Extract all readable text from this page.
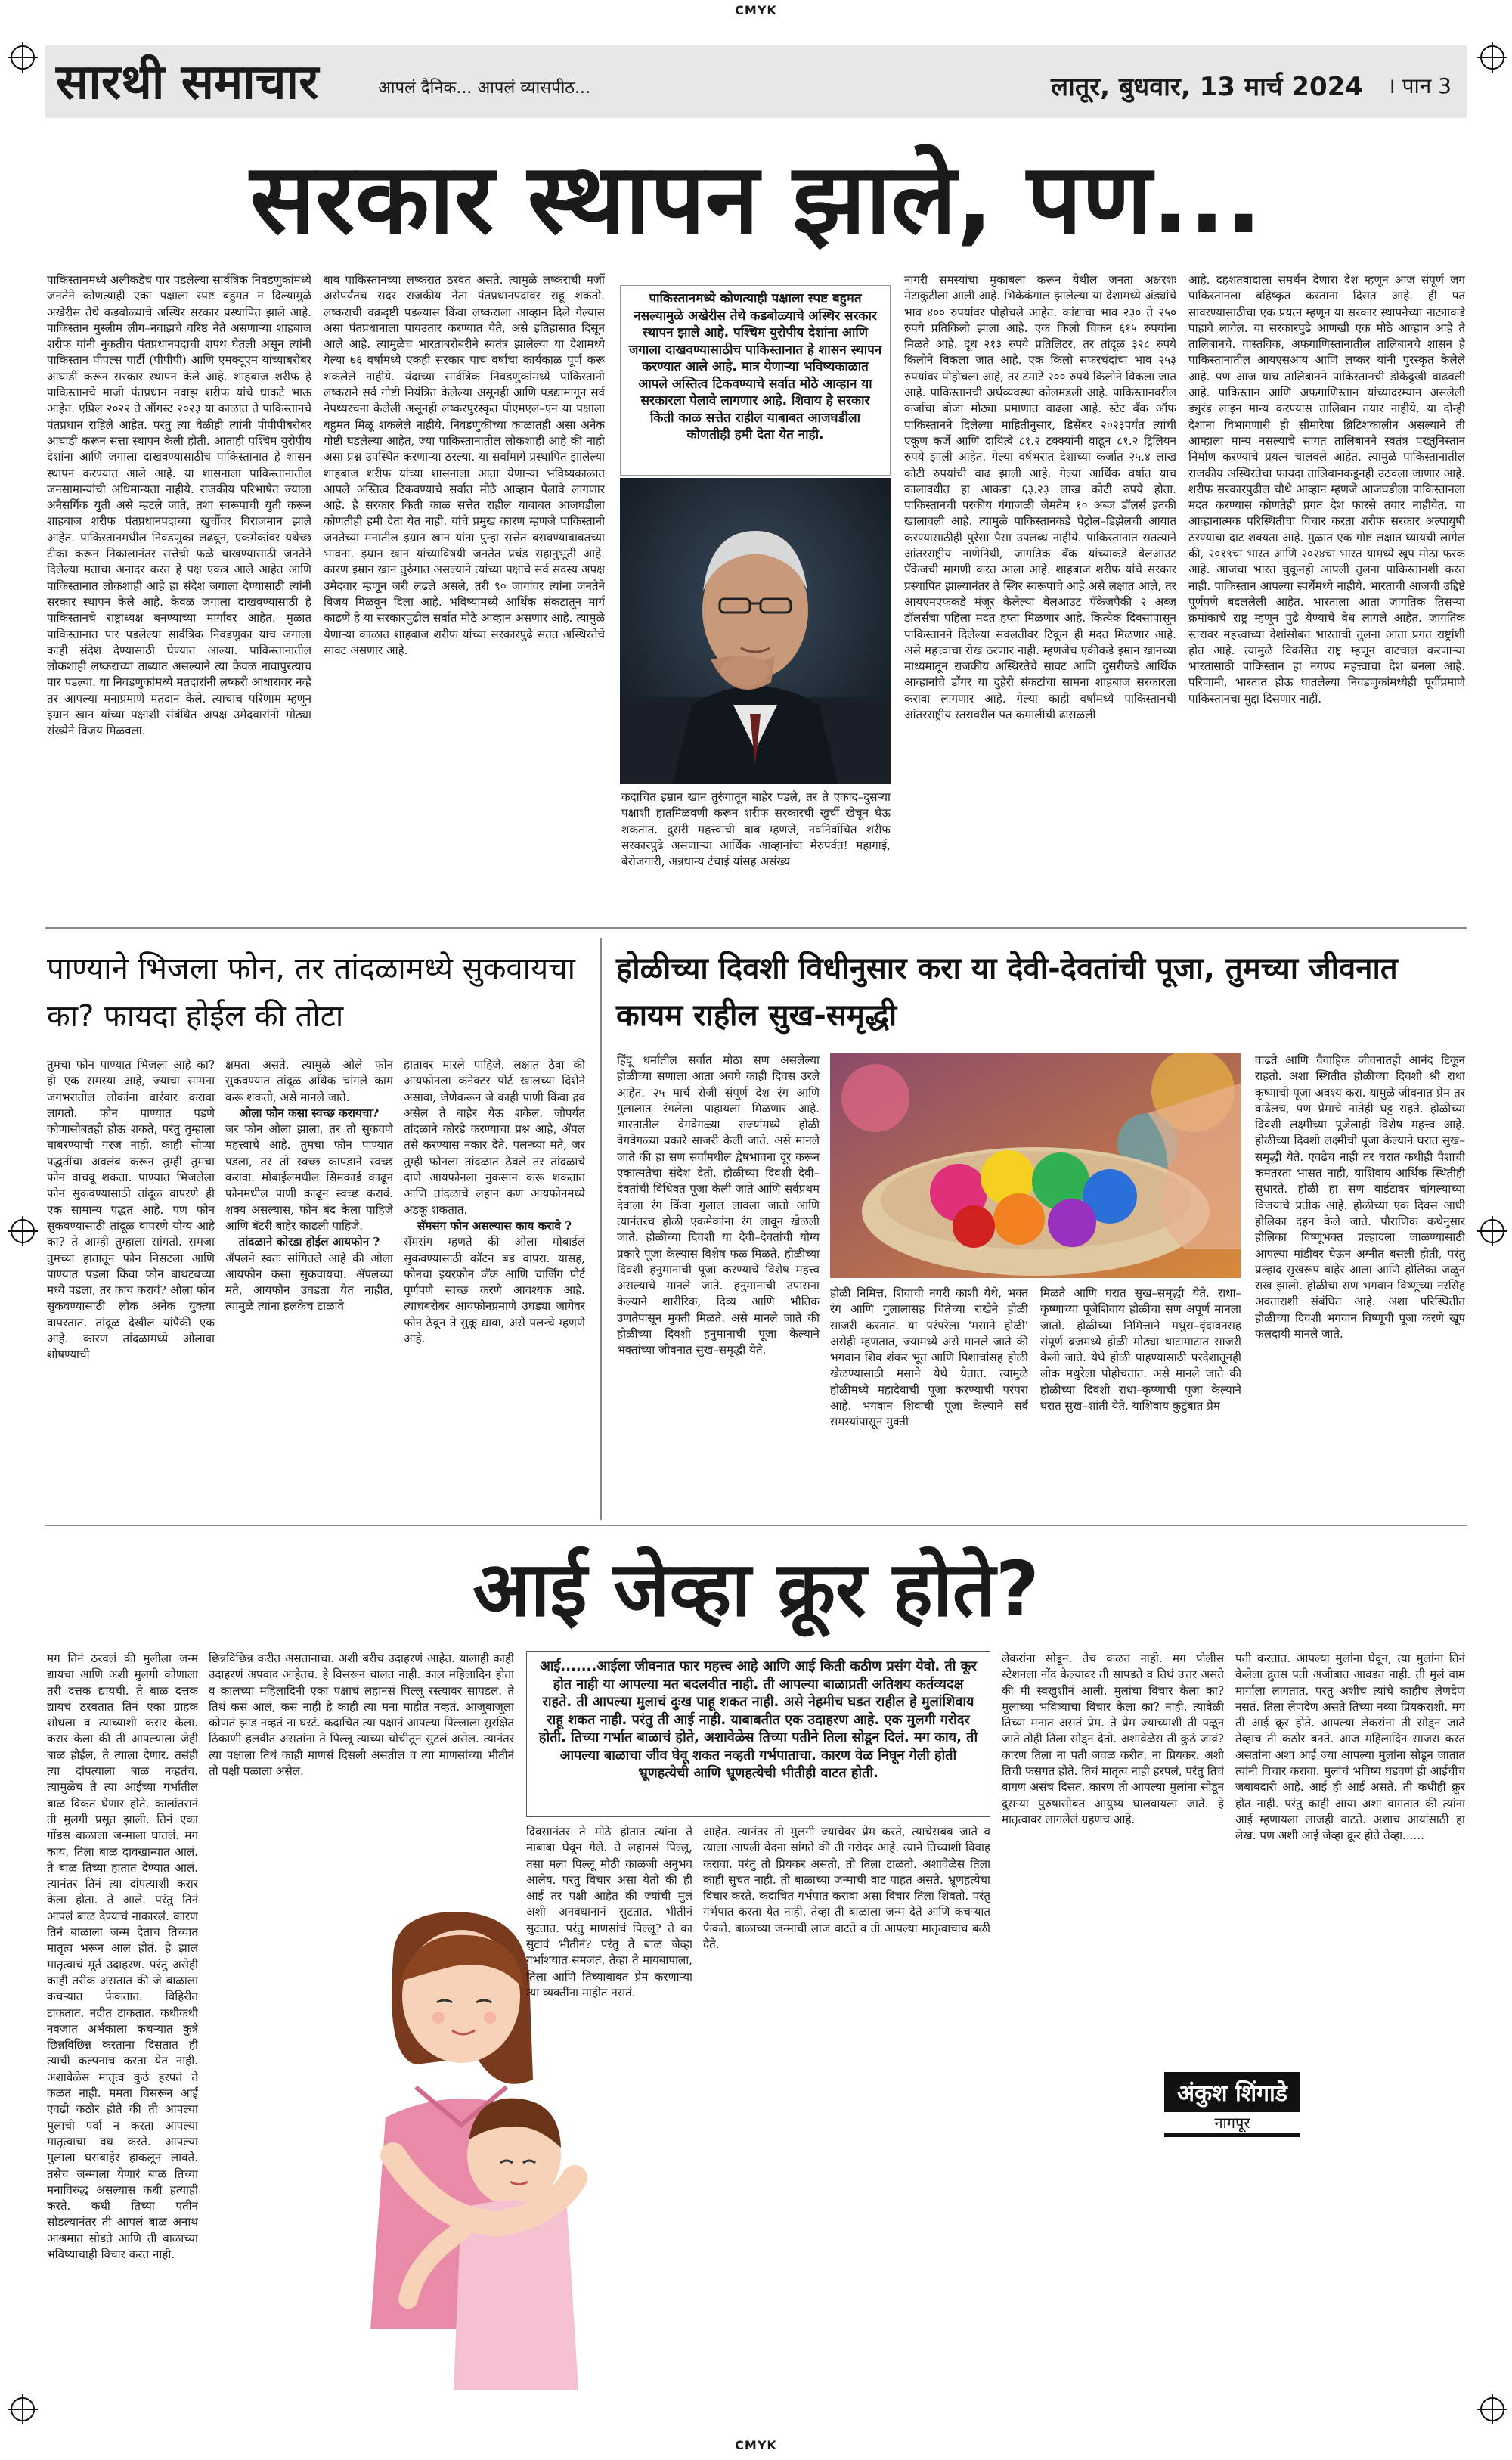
CMYK
सारथी समाचार	आपलं दैनिक... आपलं व्यासपीठ...	लातूर, बुधवार, 13 मार्च 2024 । पान 3
सरकार स्थापन झाले, पण...
पाकिस्तानमध्ये अलीकडेच पार पडलेल्या सार्वत्रिक निवडणुकांमध्ये जनतेने कोणत्याही एका पक्षाला स्पष्ट बहुमत न दिल्यामुळे अखेरीस तेथे कडबोळ्याचे अस्थिर सरकार प्रस्थापित झाले आहे. पाकिस्तान मुस्लीम लीग–नवाझचे वरिष्ठ नेते असणाऱ्या शाहबाज शरीफ यांनी नुकतीच पंतप्रधानपदाची शपथ घेतली असून त्यांनी पाकिस्तान पीपल्स पार्टी (पीपीपी) आणि एमक्यूएम यांच्याबरोबर आघाडी करून सरकार स्थापन केले आहे. शाहबाज शरीफ हे पाकिस्तानचे माजी पंतप्रधान नवाझ शरीफ यांचे धाकटे भाऊ आहेत. एप्रिल २०२२ ते ऑगस्ट २०२३ या काळात ते पाकिस्तानचे पंतप्रधान राहिले आहेत. परंतु त्या वेळीही त्यांनी पीपीपीबरोबर आघाडी करून सत्ता स्थापन केली होती. आताही पश्चिम युरोपीय देशांना आणि जगाला दाखवण्यासाठीच पाकिस्तानात हे शासन स्थापन करण्यात आले आहे. या शासनाला पाकिस्तानातील जनसामान्यांची अधिमान्यता नाहीये. राजकीय परिभाषेत ज्याला अनैसर्गिक युती असे म्हटले जाते, तशा स्वरूपाची युती करून शाहबाज शरीफ पंतप्रधानपदाच्या खुर्चीवर विराजमान झाले आहेत. पाकिस्तानमधील निवडणुका लढवून, एकमेकांवर यथेच्छ टीका करून निकालानंतर सत्तेची फळे चाखण्यासाठी जनतेने दिलेल्या मताचा अनादर करत हे पक्ष एकत्र आले आहेत आणि पाकिस्तानात लोकशाही आहे हा संदेश जगाला देण्यासाठी त्यांनी सरकार स्थापन केले आहे. केवळ जगाला दाखवण्यासाठी हे पाकिस्तानचे राष्ट्राध्यक्ष बनण्याच्या मार्गावर आहेत. मुळात पाकिस्तानात पार पडलेल्या सार्वत्रिक निवडणुका याच जगाला काही संदेश देण्यासाठी घेण्यात आल्या. पाकिस्तानातील लोकशाही लष्कराच्या ताब्यात असल्याने त्या केवळ नावापुरत्याच पार पडल्या. या निवडणुकांमध्ये मतदारांनी लष्करी आधारावर नव्हे तर आपल्या मनाप्रमाणे मतदान केले. त्याचाच परिणाम म्हणून इम्रान खान यांच्या पक्षाशी संबंधित अपक्ष उमेदवारांनी मोठ्या संख्येने विजय मिळवला.
बाब पाकिस्तानच्या लष्करात ठरवत असते. त्यामुळे लष्कराची मर्जी असेपर्यंतच सदर राजकीय नेता पंतप्रधानपदावर राहू शकतो. लष्कराची वक्रदृष्टी पडल्यास किंवा लष्कराला आव्हान दिले गेल्यास असा पंतप्रधानाला पायउतार करण्यात येते, असे इतिहासात दिसून आले आहे. त्यामुळेच भारताबरोबरीने स्वतंत्र झालेल्या या देशामध्ये गेल्या ७६ वर्षांमध्ये एकही सरकार पाच वर्षांचा कार्यकाळ पूर्ण करू शकलेले नाहीये. यंदाच्या सार्वत्रिक निवडणुकांमध्ये पाकिस्तानी लष्कराने सर्व गोष्टी नियंत्रित केलेल्या असूनही आणि पडद्यामागून सर्व नेपथ्यरचना केलेली असूनही लष्करपुरस्कृत पीएमएल–एन या पक्षाला बहुमत मिळू शकलेले नाहीये. निवडणुकीच्या काळातही असा अनेक गोष्टी घडलेल्या आहेत, ज्या पाकिस्तानातील लोकशाही आहे की नाही असा प्रश्न उपस्थित करणाऱ्या ठरल्या. या सर्वांमागे प्रस्थापित झालेल्या शाहबाज शरीफ यांच्या शासनाला आता येणाऱ्या भविष्यकाळात आपले अस्तित्व टिकवण्याचे सर्वात मोठे आव्हान पेलावे लागणार आहे. हे सरकार किती काळ सत्तेत राहील याबाबत आजघडीला कोणतीही हमी देता येत नाही. यांचे प्रमुख कारण म्हणजे पाकिस्तानी जनतेच्या मनातील इम्रान खान यांना पुन्हा सत्तेत बसवण्याबाबतच्या भावना. इम्रान खान यांच्याविषयी जनतेत प्रचंड सहानुभूती आहे. कारण इम्रान खान तुरुंगात असल्याने त्यांच्या पक्षाचे सर्व सदस्य अपक्ष उमेदवार म्हणून जरी लढले असले, तरी ९० जागांवर त्यांना जनतेने विजय मिळवून दिला आहे. भविष्यामध्ये आर्थिक संकटातून मार्ग काढणे हे या सरकारपुढील सर्वात मोठे आव्हान असणार आहे. त्यामुळे येणाऱ्या काळात शाहबाज शरीफ यांच्या सरकारपुढे सतत अस्थिरतेचे सावट असणार आहे.
पाकिस्तानमध्ये कोणत्याही पक्षाला स्पष्ट बहुमत नसल्यामुळे अखेरीस तेथे कडबोळ्याचे अस्थिर सरकार स्थापन झाले आहे. पश्चिम युरोपीय देशांना आणि जगाला दाखवण्यासाठीच पाकिस्तानात हे शासन स्थापन करण्यात आले आहे. मात्र येणाऱ्या भविष्यकाळात आपले अस्तित्व टिकवण्याचे सर्वात मोठे आव्हान या सरकारला पेलावे लागणार आहे. शिवाय हे सरकार किती काळ सत्तेत राहील याबाबत आजघडीला कोणतीही हमी देता येत नाही.
कदाचित इम्रान खान तुरुंगातून बाहेर पडले, तर ते एकाद–दुसऱ्या पक्षाशी हातमिळवणी करून शरीफ सरकारची खुर्ची खेचून घेऊ शकतात. दुसरी महत्त्वाची बाब म्हणजे, नवनिर्वाचित शरीफ सरकारपुढे असणाऱ्या आर्थिक आव्हानांचा मेरुपर्वत! महागाई, बेरोजगारी, अन्नधान्य टंचाई यांसह असंख्य
नागरी समस्यांचा मुकाबला करून येथील जनता अक्षरशः मेटाकुटीला आली आहे. भिकेकंगाल झालेल्या या देशामध्ये अंड्यांचे भाव ४०० रुपयांवर पोहोचले आहेत. कांद्याचा भाव २३० ते २५० रुपये प्रतिकिलो झाला आहे. एक किलो चिकन ६१५ रुपयांना मिळते आहे. दूध २१३ रुपये प्रतिलिटर, तर तांदूळ ३२८ रुपये किलोने विकला जात आहे. एक किलो सफरचंदांचा भाव २५३ रुपयांवर पोहोचला आहे, तर टमाटे २०० रुपये किलोने विकला जात आहे. पाकिस्तानची अर्थव्यवस्था कोलमडली आहे. पाकिस्तानवरील कर्जाचा बोजा मोठ्या प्रमाणात वाढला आहे. स्टेट बँक ऑफ पाकिस्तानने दिलेल्या माहितीनुसार, डिसेंबर २०२३पर्यंत त्यांची एकूण कर्जे आणि दायित्वे ८१.२ टक्क्यांनी वाढून ८१.२ ट्रिलियन रुपये झाली आहेत. गेल्या वर्षभरात देशाच्या कर्जात २५.४ लाख कोटी रुपयांची वाढ झाली आहे. गेल्या आर्थिक वर्षात याच कालावधीत हा आकडा ६३.२३ लाख कोटी रुपये होता. पाकिस्तानची परकीय गंगाजळी जेमतेम १० अब्ज डॉलर्स इतकी खालावली आहे. त्यामुळे पाकिस्तानकडे पेट्रोल–डिझेलची आयात करण्यासाठीही पुरेसा पैसा उपलब्ध नाहीये. पाकिस्तानात सतत्याने आंतरराष्ट्रीय नाणेनिधी, जागतिक बँक यांच्याकडे बेलआउट पॅकेजची मागणी करत आला आहे. शाहबाज शरीफ यांचे सरकार प्रस्थापित झाल्यानंतर ते स्थिर स्वरूपाचे आहे असे लक्षात आले, तर आयएमएफकडे मंजूर केलेल्या बेलआउट पॅकेजपैकी २ अब्ज डॉलर्सचा पहिला मदत हप्ता मिळणार आहे. कित्येक दिवसांपासून पाकिस्तानने दिलेल्या सवलतीवर टिकून ही मदत मिळणार आहे. असे महत्त्वाचा रोख ठरणार नाही. म्हणजेच एकीकडे इम्रान खानच्या माध्यमातून राजकीय अस्थिरतेचे सावट आणि दुसरीकडे आर्थिक आव्हानांचे डोंगर या दुहेरी संकटांचा सामना शाहबाज सरकारला करावा लागणार आहे. गेल्या काही वर्षांमध्ये पाकिस्तानची आंतरराष्ट्रीय स्तरावरील पत कमालीची ढासळली
आहे. दहशतवादाला समर्थन देणारा देश म्हणून आज संपूर्ण जग पाकिस्तानला बहिष्कृत करताना दिसत आहे. ही पत सावरण्यासाठीचा एक प्रयत्न म्हणून या सरकार स्थापनेच्या नाट्याकडे पाहावे लागेल. या सरकारपुढे आणखी एक मोठे आव्हान आहे ते तालिबानचे. वास्तविक, अफगाणिस्तानातील तालिबानचे शासन हे पाकिस्तानातील आयएसआय आणि लष्कर यांनी पुरस्कृत केलेले आहे. पण आज याच तालिबानने पाकिस्तानची डोकेदुखी वाढवली आहे. पाकिस्तान आणि अफगाणिस्तान यांच्यादरम्यान असलेली ड्युरंड लाइन मान्य करण्यास तालिबान तयार नाहीये. या दोन्ही देशांना विभागणारी ही सीमारेषा ब्रिटिशकालीन असल्याने ती आम्हाला मान्य नसल्याचे सांगत तालिबानने स्वतंत्र पख्तुनिस्तान निर्माण करण्याचे प्रयत्न चालवले आहेत. त्यामुळे पाकिस्तानातील राजकीय अस्थिरतेचा फायदा तालिबानकडूनही उठवला जाणार आहे. शरीफ सरकारपुढील चौथे आव्हान म्हणजे आजघडीला पाकिस्तानला मदत करण्यास कोणतेही प्रगत देश फारसे तयार नाहीयेत. या आव्हानात्मक परिस्थितीचा विचार करता शरीफ सरकार अल्पायुषी ठरण्याचा दाट शक्यता आहे. मुळात एक गोष्ट लक्षात घ्यायची लागेल की, २०१९चा भारत आणि २०२४चा भारत यामध्ये खूप मोठा फरक आहे. आजचा भारत चुकूनही आपली तुलना पाकिस्तानशी करत नाही. पाकिस्तान आपल्या स्पर्धेमध्ये नाहीये. भारताची आजची उद्दिष्टे पूर्णपणे बदललेली आहेत. भारताला आता जागतिक तिसऱ्या क्रमांकाचे राष्ट्र म्हणून पुढे येण्याचे वेध लागले आहेत. जागतिक स्तरावर महत्त्वाच्या देशांसोबत भारताची तुलना आता प्रगत राष्ट्रांशी होत आहे. त्यामुळे विकसित राष्ट्र म्हणून वाटचाल करणाऱ्या भारतासाठी पाकिस्तान हा नगण्य महत्त्वाचा देश बनला आहे. परिणामी, भारतात होऊ घातलेल्या निवडणुकांमध्येही पूर्वीप्रमाणे पाकिस्तानचा मुद्दा दिसणार नाही.
पाण्याने भिजला फोन, तर तांदळामध्ये सुकवायचा का? फायदा होईल की तोटा
तुमचा फोन पाण्यात भिजला आहे का? ही एक समस्या आहे, ज्याचा सामना जगभरातील लोकांना वारंवार करावा लागतो. फोन पाण्यात पडणे कोणासोबतही होऊ शकते, परंतु तुम्हाला घाबरण्याची गरज नाही. काही सोप्या पद्धतींचा अवलंब करून तुम्ही तुमचा फोन वाचवू शकता. पाण्यात भिजलेला फोन सुकवण्यासाठी तांदूळ वापरणे ही एक सामान्य पद्धत आहे. पण फोन सुकवण्यासाठी तांदूळ वापरणे योग्य आहे का? ते आम्ही तुम्हाला सांगतो. समजा तुमच्या हातातून फोन निसटला आणि पाण्यात पडला किंवा फोन बाथटबच्या मध्ये पडला, तर काय करावं? ओला फोन सुकवण्यासाठी लोक अनेक युक्त्या वापरतात. तांदूळ देखील यांपैकी एक आहे. कारण तांदळामध्ये ओलावा शोषण्याची
क्षमता असते. त्यामुळे ओले फोन सुकवण्यात तांदूळ अधिक चांगले काम करू शकतो, असे मानले जाते.
ओला फोन कसा स्वच्छ करायचा?
जर फोन ओला झाला, तर तो सुकवणे महत्त्वाचे आहे. तुमचा फोन पाण्यात पडला, तर तो स्वच्छ कापडाने स्वच्छ करावा. मोबाईलमधील सिमकार्ड काढून फोनमधील पाणी काढून स्वच्छ करावं. शक्य असल्यास, फोन बंद केला पाहिजे आणि बॅटरी बाहेर काढली पाहिजे.
तांदळाने कोरडा होईल आयफोन ?
ॲपलने स्वतः सांगितले आहे की ओला आयफोन कसा सुकवायचा. ॲपलच्या मते, आयफोन उघडता येत नाहीत, त्यामुळे त्यांना हलकेच टाळावे
हातावर मारले पाहिजे. लक्षात ठेवा की आयफोनला कनेक्टर पोर्ट खालच्या दिशेने असावा, जेणेकरून जे काही पाणी किंवा द्रव असेल ते बाहेर येऊ शकेल. जोपर्यंत तांदळाने कोरडे करण्याचा प्रश्न आहे, ॲपल तसे करण्यास नकार देते. पलन्च्या मते, जर तुम्ही फोनला तांदळात ठेवले तर तांदळाचे दाणे आयफोनला नुकसान करू शकतात आणि तांदळाचे लहान कण आयफोनमध्ये अडकू शकतात.
सॅमसंग फोन असल्यास काय करावे ?
सॅमसंग म्हणते की ओला मोबाईल सुकवण्यासाठी कॉटन बड वापरा. यासह, फोनचा इयरफोन जॅक आणि चार्जिंग पोर्ट पूर्णपणे स्वच्छ करणे आवश्यक आहे. त्याचबरोबर आयफोनप्रमाणे उघड्या जागेवर फोन ठेवून ते सुकू द्यावा, असे पलन्चे म्हणणे आहे.
होळीच्या दिवशी विधीनुसार करा या देवी-देवतांची पूजा, तुमच्या जीवनात कायम राहील सुख-समृद्धी
हिंदू धर्मातील सर्वात मोठा सण असलेल्या होळीच्या सणाला आता अवघे काही दिवस उरले आहेत. २५ मार्च रोजी संपूर्ण देश रंग आणि गुलालात रंगलेला पाहायला मिळणार आहे. भारतातील वेगवेगळ्या राज्यांमध्ये होळी वेगवेगळ्या प्रकारे साजरी केली जाते. असे मानले जाते की हा सण सर्वांमधील द्वेषभावना दूर करून एकात्मतेचा संदेश देतो. होळीच्या दिवशी देवी–देवतांची विधिवत पूजा केली जाते आणि सर्वप्रथम देवाला रंग किंवा गुलाल लावला जातो आणि त्यानंतरच होळी एकमेकांना रंग लावून खेळली जाते. होळीच्या दिवशी या देवी–देवतांची योग्य प्रकारे पूजा केल्यास विशेष फळ मिळते. होळीच्या दिवशी हनुमानाची पूजा करण्याचे विशेष महत्त्व असल्याचे मानले जाते. हनुमानाची उपासना केल्याने शारीरिक, दिव्य आणि भौतिक उणतेपासून मुक्ती मिळते. असे मानले जाते की होळीच्या दिवशी हनुमानाची पूजा केल्याने भक्तांच्या जीवनात सुख–समृद्धी येते.
होळी निमित्त, शिवाची नगरी काशी येथे, भक्त रंग आणि गुलालासह चितेच्या राखेने होळी साजरी करतात. या परंपरेला 'मसाने होळी' असेही म्हणतात, ज्यामध्ये असे मानले जाते की भगवान शिव शंकर भूत आणि पिशाचांसह होळी खेळण्यासाठी मसाने येथे येतात. त्यामुळे होळीमध्ये महादेवाची पूजा करण्याची परंपरा आहे. भगवान शिवाची पूजा केल्याने सर्व समस्यांपासून मुक्ती
मिळते आणि घरात सुख–समृद्धी येते. राधा–कृष्णाच्या पूजेशिवाय होळीचा सण अपूर्ण मानला जातो. होळीच्या निमित्ताने मथुरा–वृंदावनसह संपूर्ण ब्रजमध्ये होळी मोठ्या थाटामाटात साजरी केली जाते. येथे होळी पाहण्यासाठी परदेशातूनही लोक मथुरेला पोहोचतात. असे मानले जाते की होळीच्या दिवशी राधा–कृष्णाची पूजा केल्याने घरात सुख–शांती येते. याशिवाय कुटुंबात प्रेम
वाढते आणि वैवाहिक जीवनातही आनंद टिकून राहतो. अशा स्थितीत होळीच्या दिवशी श्री राधा कृष्णाची पूजा अवश्य करा. यामुळे जीवनात प्रेम तर वाढेलच, पण प्रेमाचे नातेही घट्ट राहते. होळीच्या दिवशी लक्ष्मीच्या पूजेलाही विशेष महत्त्व आहे. होळीच्या दिवशी लक्ष्मीची पूजा केल्याने घरात सुख–समृद्धी येते. एवढेच नाही तर घरात कधीही पैशाची कमतरता भासत नाही, याशिवाय आर्थिक स्थितीही सुधारते. होळी हा सण वाईटावर चांगल्याच्या विजयाचे प्रतीक आहे. होळीच्या एक दिवस आधी होलिका दहन केले जाते. पौराणिक कथेनुसार होलिका विष्णूभक्त प्रल्हादला जाळण्यासाठी आपल्या मांडीवर घेऊन अग्नीत बसली होती, परंतु प्रल्हाद सुखरूप बाहेर आला आणि होलिका जळून राख झाली. होळीचा सण भगवान विष्णूच्या नरसिंह अवताराशी संबंधित आहे. अशा परिस्थितीत होळीच्या दिवशी भगवान विष्णूची पूजा करणे खूप फलदायी मानले जाते.
आई जेव्हा क्रूर होते?
मग तिनं ठरवलं की मुलीला जन्म द्यायचा आणि अशी मुलगी कोणाला तरी दत्तक द्यायची. ते बाळ दत्तक द्यायचं ठरवतात तिनं एका ग्राहक शोधला व त्याच्याशी करार केला. करार केला की ती आपल्याला जेही बाळ होईल, ते त्याला देणार. तसंही त्या दांपत्याला बाळ नव्हतंच. त्यामुळेच ते त्या आईच्या गर्भातील बाळ विकत घेणार होते. कालांतरानं ती मुलगी प्रसूत झाली. तिनं एका गोंडस बाळाला जन्माला घातलं. मग काय, तिला बाळ दावखान्यात आलं. ते बाळ तिच्या हातात देण्यात आलं. त्यानंतर तिनं त्या दांपत्याशी करार केला होता. ते आले. परंतु तिनं आपलं बाळ देण्याचं नाकारलं. कारण तिनं बाळाला जन्म देताच तिच्यात मातृत्व भरून आलं होतं. हे झालं मातृत्वाचं मूर्त उदाहरण. परंतु असेही काही तरीक असतात की जे बाळाला कचऱ्यात फेकतात. विहिरीत टाकतात. नदीत टाकतात. कधीकधी नवजात अर्भकाला कचऱ्यात कुत्रे छिन्नविछिन्न करताना दिसतात ही त्याची कल्पनाच करता येत नाही. अशावेळेस मातृत्व कुठं हरपतं ते कळत नाही. ममता विसरून आई एवढी कठोर होते की ती आपल्या मुलाची पर्वा न करता आपल्या मातृत्वाचा वध करते. आपल्या मुलाला घराबाहेर हाकलून लावते. तसेच जन्माला येणारं बाळ तिच्या मनाविरुद्ध असल्यास कधी हत्याही करते. कधी तिच्या पतीनं सोडल्यानंतर ती आपलं बाळ अनाथ आश्रमात सोडते आणि ती बाळाच्या भविष्याचाही विचार करत नाही.
छिन्नविछिन्न करीत असतानाचा. अशी बरीच उदाहरणं आहेत. यालाही काही उदाहरणं अपवाद आहेतच. हे विसरून चालत नाही. काल महिलादिन होता व कालच्या महिलादिनी एका पक्षाचं लहानसं पिल्लू रस्त्यावर सापडलं. ते तिथं कसं आलं, कसं नाही हे काही त्या मना माहीत नव्हतं. आजूबाजूला कोणतं झाड नव्हतं ना घरटं. कदाचित त्या पक्षानं आपल्या पिल्लाला सुरक्षित ठिकाणी हलवीत असतांना ते पिल्लू त्याच्या चोचीतून सुटलं असेल. त्यानंतर त्या पक्षाला तिथं काही माणसं दिसली असतील व त्या माणसांच्या भीतीनं तो पक्षी पळाला असेल.
आई.......आईला जीवनात फार महत्त्व आहे आणि आई किती कठीण प्रसंग येवो. ती कूर होत नाही या आपल्या मत बदलवीत नाही. ती आपल्या बाळाप्रती अतिशय कर्तव्यदक्ष राहते. ती आपल्या मुलाचं दुःख पाहू शकत नाही. असे नेहमीच घडत राहील हे मुलांशिवाय राहू शकत नाही. परंतु ती आई नाही. याबाबतीत एक उदाहरण आहे. एक मुलगी गरोदर होती. तिच्या गर्भात बाळाचं होते, अशावेळेस तिच्या पतीने तिला सोडून दिलं. मग काय, ती आपल्या बाळाचा जीव घेवू शकत नव्हती गर्भपाताचा. कारण वेळ निघून गेली होती भ्रूणहत्येची आणि भ्रूणहत्येची भीतीही वाटत होती.
दिवसानंतर ते मोठे होतात त्यांना ते माबाबा घेवून गेले. ते लहानसं पिल्लू, तसा मला पिल्लू मोठी काळजी अनुभव आलेय. परंतु विचार असा येतो की ही आई तर पक्षी आहेत की ज्यांची मुलं अशी अनवधानानं सुटतात. भीतीनं सुटतात. परंतु माणसांचं पिल्लू? ते का सुटावं भीतीनं? परंतु ते बाळ जेव्हा गर्भाशयात समजतं, तेव्हा ते मायबापाला, तिला आणि तिच्याबाबत प्रेम करणाऱ्या त्या व्यक्तींना माहीत नसतं.
आहेत. त्यानंतर ती मुलगी ज्याचेवर प्रेम करते, त्याचेसबब जाते व त्याला आपली वेदना सांगते की ती गरोदर आहे. त्याने तिच्याशी विवाह करावा. परंतु तो प्रियकर असतो, तो तिला टाळतो. अशावेळेस तिला काही सुचत नाही. ती बाळाच्या जन्माची वाट पाहत असते. भ्रूणहत्येचा विचार करते. कदाचित गर्भपात करावा असा विचार तिला शिवतो. परंतु गर्भपात करता येत नाही. तेव्हा ती बाळाला जन्म देते आणि कचऱ्यात फेकते. बाळाच्या जन्माची लाज वाटते व ती आपल्या मातृत्वाचाच बळी देते.
लेकरांना सोडून. तेच कळत नाही. मग पोलीस स्टेशनला नोंद केल्यावर ती सापडते व तिथं उत्तर असते की मी स्वखुशीनं आली. मुलांचा विचार केला का? मुलांच्या भविष्याचा विचार केला का? नाही. त्यावेळी तिच्या मनात असतं प्रेम. ते प्रेम ज्याच्याशी ती पळून जाते तोही तिला सोडून देतो. अशावेळेस ती कुठं जावं? कारण तिला ना पती जवळ करीत, ना प्रियकर. अशी तिची फसगत होते. तिचं मातृत्व नाही हरपलं, परंतु तिचं वागणं असंच दिसतं. कारण ती आपल्या मुलांना सोडून दुसऱ्या पुरुषासोबत आयुष्य घालवायला जाते. हे मातृत्वावर लागलेलं ग्रहणच आहे.
अंकुश शिंगाडे
नागपूर
पती करतात. आपल्या मुलांना घेवून, त्या मुलांना तिनं केलेला द्रुतस पती अजीबात आवडत नाही. ती मुलं वाम मार्गाला लागतात. परंतु अशीच त्यांचे काहीच लेणदेण नसतं. तिला लेणदेण असते तिच्या नव्या प्रियकराशी. मग ती आई क्रूर होते. आपल्या लेकरांना ती सोडून जाते तेव्हाच ती कठोर बनते. आज महिलादिन साजरा करत असतांना अशा आई ज्या आपल्या मुलांना सोडून जातात त्यांनी विचार करावा. मुलांचं भविष्य घडवणं ही आईचीच जबाबदारी आहे. आई ही आई असते. ती कधीही क्रूर होत नाही. परंतु काही आया अशा वागतात की त्यांना आई म्हणायला लाजही वाटते. अशाच आयांसाठी हा लेख. पण अशी आई जेव्हा क्रूर होते तेव्हा......
CMYK
